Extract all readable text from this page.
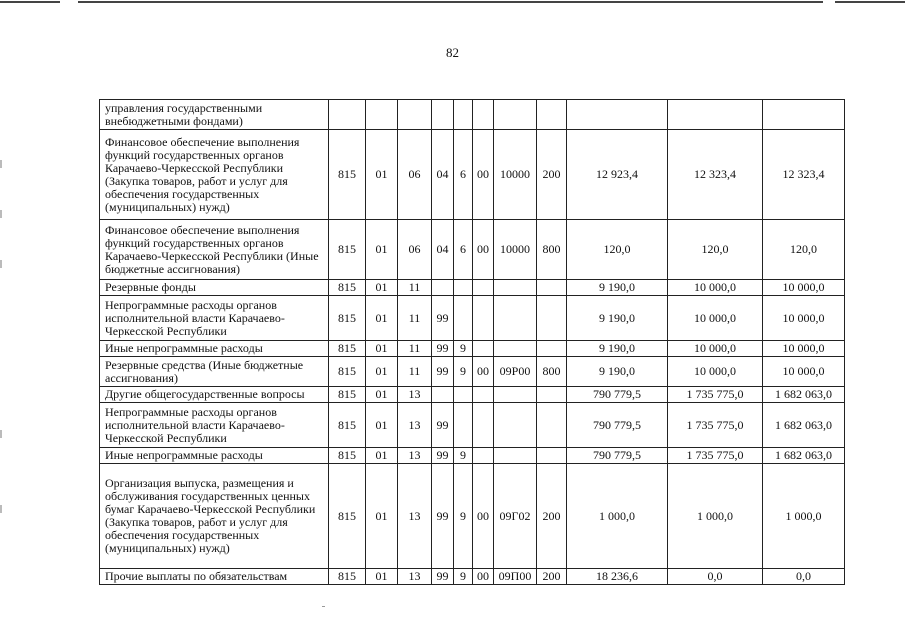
82
управления государственными внебюджетными фондами)											
Финансовое обеспечение выполнения функций государственных органов Карачаево-Черкесской Республики (Закупка товаров, работ и услуг для обеспечения государственных (муниципальных) нужд)	815	01	06	04	6	00	10000	200	12 923,4	12 323,4	12 323,4
Финансовое обеспечение выполнения функций государственных органов Карачаево-Черкесской Республики (Иные бюджетные ассигнования)	815	01	06	04	6	00	10000	800	120,0	120,0	120,0
Резервные фонды	815	01	11						9 190,0	10 000,0	10 000,0
Непрограммные расходы органов исполнительной власти Карачаево-Черкесской Республики	815	01	11	99					9 190,0	10 000,0	10 000,0
Иные непрограммные расходы	815	01	11	99	9				9 190,0	10 000,0	10 000,0
Резервные средства (Иные бюджетные ассигнования)	815	01	11	99	9	00	09Р00	800	9 190,0	10 000,0	10 000,0
Другие общегосударственные вопросы	815	01	13						790 779,5	1 735 775,0	1 682 063,0
Непрограммные расходы органов исполнительной власти Карачаево-Черкесской Республики	815	01	13	99					790 779,5	1 735 775,0	1 682 063,0
Иные непрограммные расходы	815	01	13	99	9				790 779,5	1 735 775,0	1 682 063,0
Организация выпуска, размещения и обслуживания государственных ценных бумаг Карачаево-Черкесской Республики (Закупка товаров, работ и услуг для обеспечения государственных (муниципальных) нужд)	815	01	13	99	9	00	09Г02	200	1 000,0	1 000,0	1 000,0
Прочие выплаты по обязательствам	815	01	13	99	9	00	09П00	200	18 236,6	0,0	0,0
